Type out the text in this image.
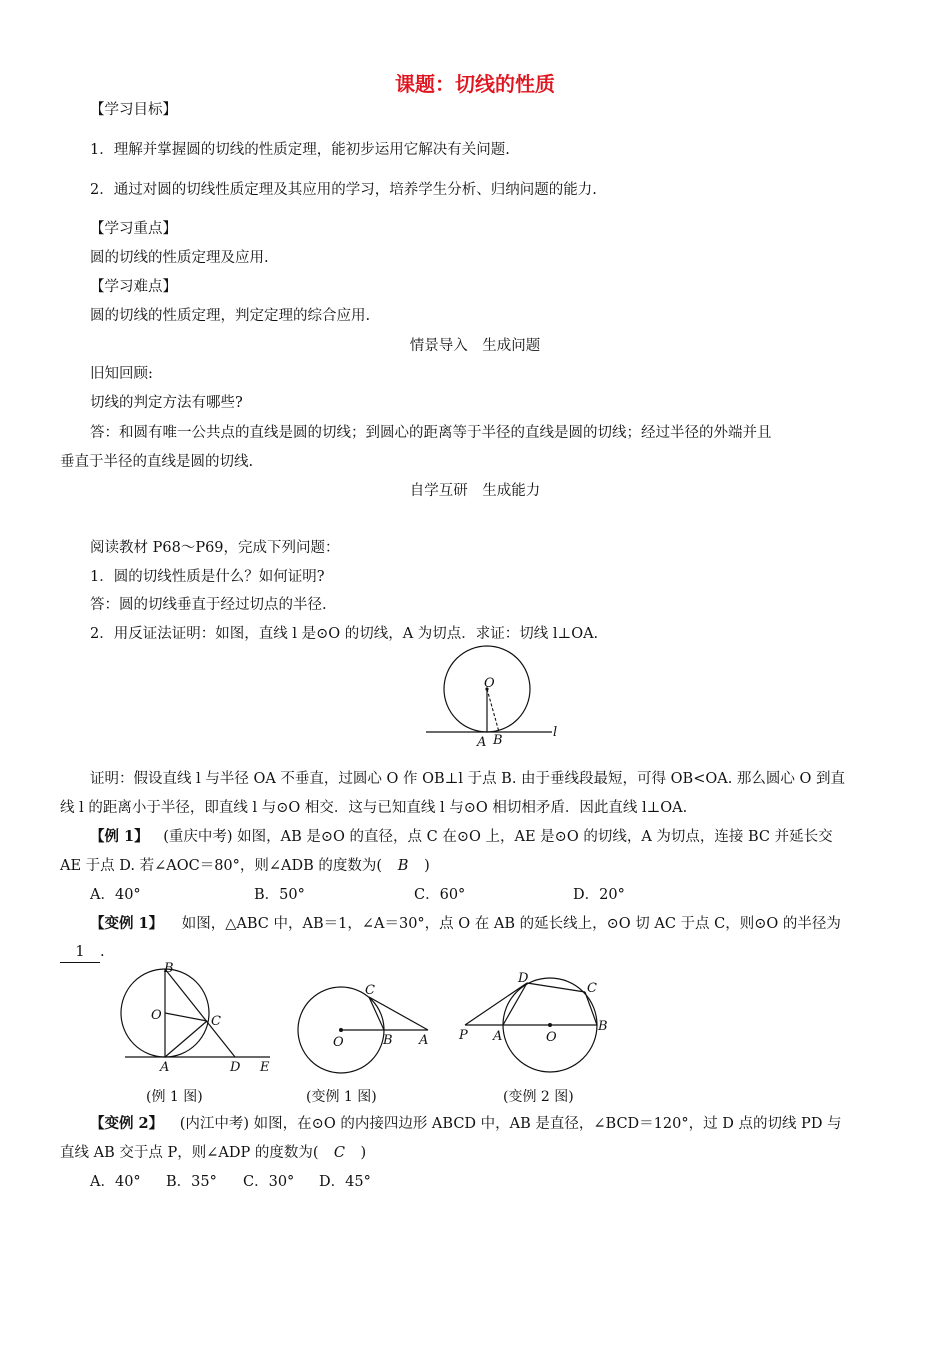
课题：切线的性质
【学习目标】
1．理解并掌握圆的切线的性质定理，能初步运用它解决有关问题.
2．通过对圆的切线性质定理及其应用的学习，培养学生分析、归纳问题的能力.
【学习重点】
圆的切线的性质定理及应用.
【学习难点】
圆的切线的性质定理，判定定理的综合应用.
情景导入　生成问题
旧知回顾:
切线的判定方法有哪些?
答：和圆有唯一公共点的直线是圆的切线；到圆心的距离等于半径的直线是圆的切线；经过半径的外端并且
垂直于半径的直线是圆的切线.
自学互研　生成能力
阅读教材 P68～P69，完成下列问题：
1．圆的切线性质是什么？如何证明?
答：圆的切线垂直于经过切点的半径.
2．用反证法证明：如图，直线 l 是⊙O 的切线，A 为切点．求证：切线 l⊥OA.
O
A B
l
证明：假设直线 l 与半径 OA 不垂直，过圆心 O 作 OB⊥l 于点 B. 由于垂线段最短，可得 OB<OA. 那么圆心 O 到直
线 l 的距离小于半径，即直线 l 与⊙O 相交．这与已知直线 l 与⊙O 相切相矛盾．因此直线 l⊥OA.
【例 1】 (重庆中考) 如图，AB 是⊙O 的直径，点 C 在⊙O 上，AE 是⊙O 的切线，A 为切点，连接 BC 并延长交
AE 于点 D. 若∠AOC＝80°，则∠ADB 的度数为( B )
A．40°	B．50°	C．60°	D．20°
【变例 1】 如图，△ABC 中，AB＝1，∠A＝30°，点 O 在 AB 的延长线上，⊙O 切 AC 于点 C，则⊙O 的半径为
1 .
B
O	C
A	D E
C
O	B A
D
C
P A	O
B
(例 1 图)	(变例 1 图)	(变例 2 图)
【变例 2】 (内江中考) 如图，在⊙O 的内接四边形 ABCD 中，AB 是直径，∠BCD＝120°，过 D 点的切线 PD 与
直线 AB 交于点 P，则∠ADP 的度数为( C )
A．40° B．35° C．30° D．45°
